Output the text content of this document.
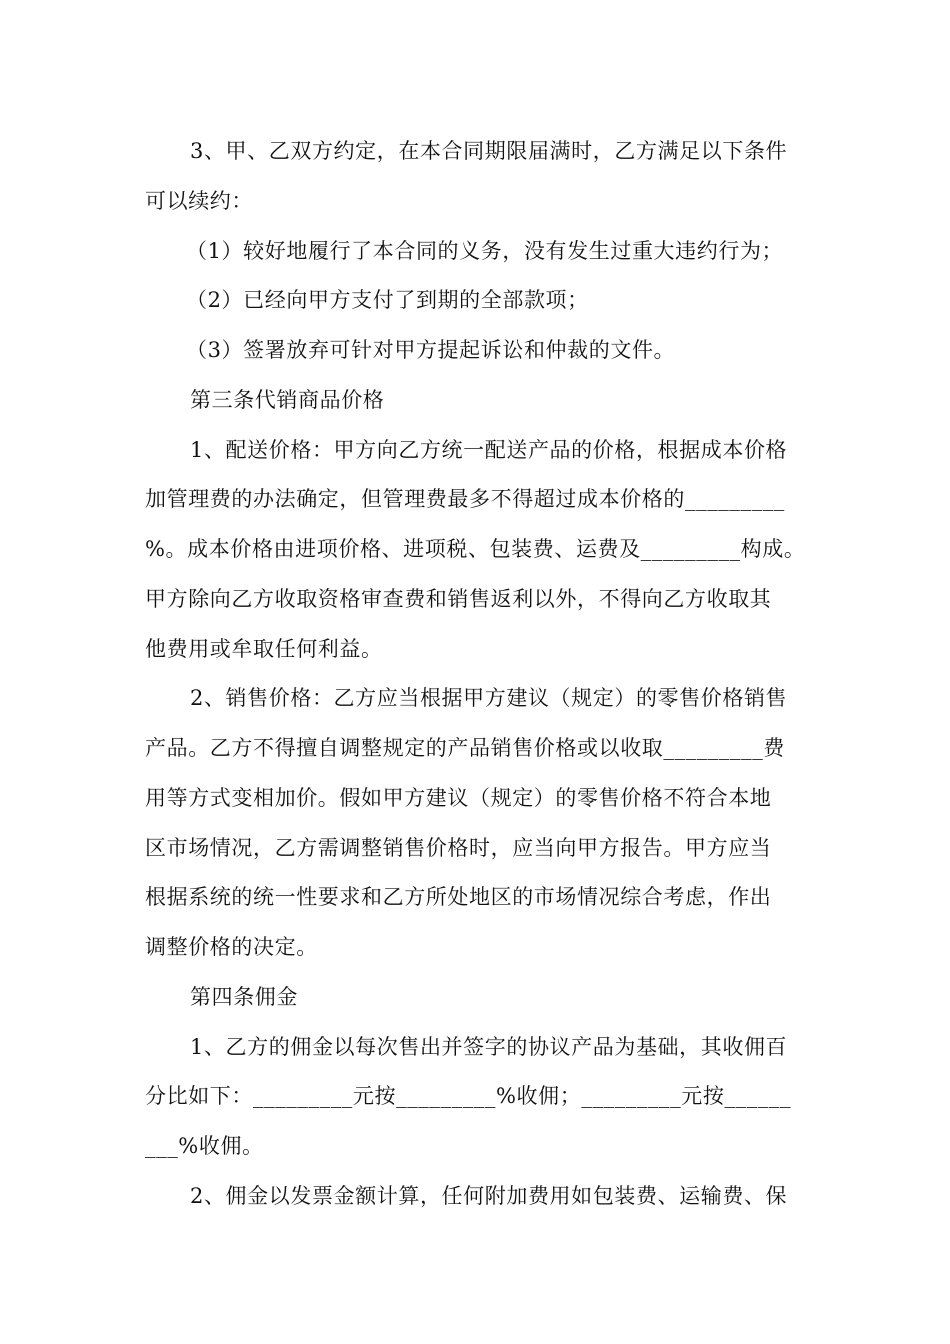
3、甲、乙双方约定，在本合同期限届满时，乙方满足以下条件
可以续约：
（1）较好地履行了本合同的义务，没有发生过重大违约行为；
（2）已经向甲方支付了到期的全部款项；
（3）签署放弃可针对甲方提起诉讼和仲裁的文件。
第三条代销商品价格
1、配送价格：甲方向乙方统一配送产品的价格，根据成本价格
加管理费的办法确定，但管理费最多不得超过成本价格的_________
%。成本价格由进项价格、进项税、包装费、运费及_________构成。
甲方除向乙方收取资格审查费和销售返利以外，不得向乙方收取其
他费用或牟取任何利益。
2、销售价格：乙方应当根据甲方建议（规定）的零售价格销售
产品。乙方不得擅自调整规定的产品销售价格或以收取_________费
用等方式变相加价。假如甲方建议（规定）的零售价格不符合本地
区市场情况，乙方需调整销售价格时，应当向甲方报告。甲方应当
根据系统的统一性要求和乙方所处地区的市场情况综合考虑，作出
调整价格的决定。
第四条佣金
1、乙方的佣金以每次售出并签字的协议产品为基础，其收佣百
分比如下：_________元按_________%收佣；_________元按______
___%收佣。
2、佣金以发票金额计算，任何附加费用如包装费、运输费、保
